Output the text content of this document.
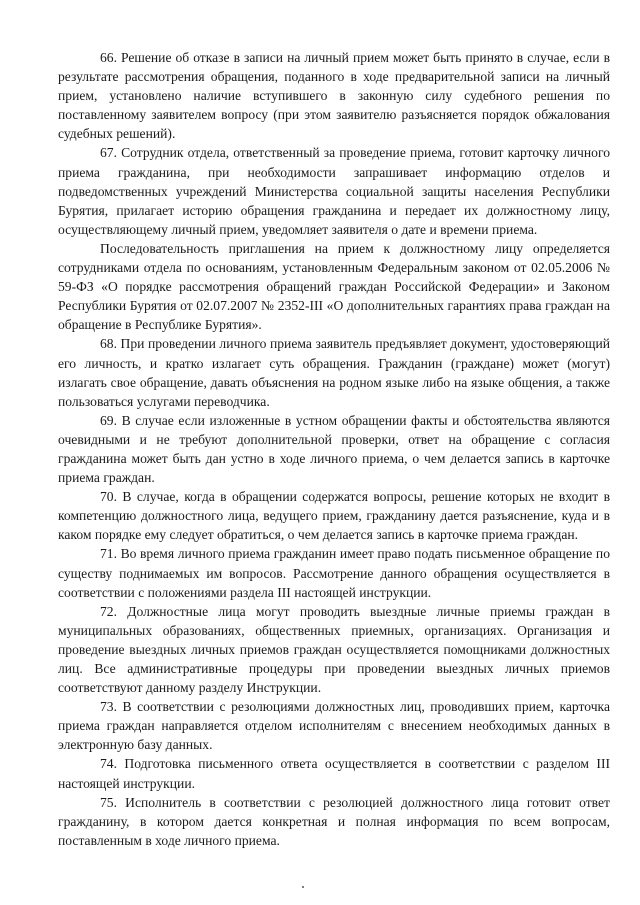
66. Решение об отказе в записи на личный прием может быть принято в случае, если в результате рассмотрения обращения, поданного в ходе предварительной записи на личный прием, установлено наличие вступившего в законную силу судебного решения по поставленному заявителем вопросу (при этом заявителю разъясняется порядок обжалования судебных решений).

67. Сотрудник отдела, ответственный за проведение приема, готовит карточку личного приема гражданина, при необходимости запрашивает информацию отделов и подведомственных учреждений Министерства социальной защиты населения Республики Бурятия, прилагает историю обращения гражданина и передает их должностному лицу, осуществляющему личный прием, уведомляет заявителя о дате и времени приема.

Последовательность приглашения на прием к должностному лицу определяется сотрудниками отдела по основаниям, установленным Федеральным законом от 02.05.2006 № 59-ФЗ «О порядке рассмотрения обращений граждан Российской Федерации» и Законом Республики Бурятия от 02.07.2007 № 2352-III «О дополнительных гарантиях права граждан на обращение в Республике Бурятия».

68. При проведении личного приема заявитель предъявляет документ, удостоверяющий его личность, и кратко излагает суть обращения. Гражданин (граждане) может (могут) излагать свое обращение, давать объяснения на родном языке либо на языке общения, а также пользоваться услугами переводчика.

69. В случае если изложенные в устном обращении факты и обстоятельства являются очевидными и не требуют дополнительной проверки, ответ на обращение с согласия гражданина может быть дан устно в ходе личного приема, о чем делается запись в карточке приема граждан.

70. В случае, когда в обращении содержатся вопросы, решение которых не входит в компетенцию должностного лица, ведущего прием, гражданину дается разъяснение, куда и в каком порядке ему следует обратиться, о чем делается запись в карточке приема граждан.

71. Во время личного приема гражданин имеет право подать письменное обращение по существу поднимаемых им вопросов. Рассмотрение данного обращения осуществляется в соответствии с положениями раздела III настоящей инструкции.

72. Должностные лица могут проводить выездные личные приемы граждан в муниципальных образованиях, общественных приемных, организациях. Организация и проведение выездных личных приемов граждан осуществляется помощниками должностных лиц. Все административные процедуры при проведении выездных личных приемов соответствуют данному разделу Инструкции.

73. В соответствии с резолюциями должностных лиц, проводивших прием, карточка приема граждан направляется отделом исполнителям с внесением необходимых данных в электронную базу данных.

74. Подготовка письменного ответа осуществляется в соответствии с разделом III настоящей инструкции.

75. Исполнитель в соответствии с резолюцией должностного лица готовит ответ гражданину, в котором дается конкретная и полная информация по всем вопросам, поставленным в ходе личного приема.
